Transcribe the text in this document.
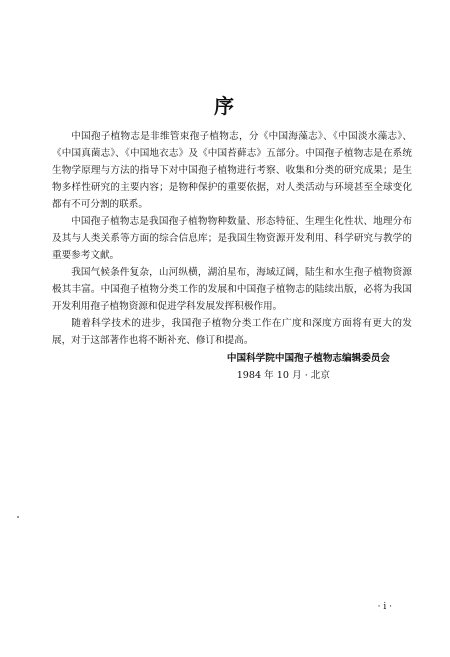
序

中国孢子植物志是非维管束孢子植物志，分《中国海藻志》、《中国淡水藻志》、《中国真菌志》、《中国地衣志》及《中国苔藓志》五部分。中国孢子植物志是在系统生物学原理与方法的指导下对中国孢子植物进行考察、收集和分类的研究成果；是生物多样性研究的主要内容；是物种保护的重要依据，对人类活动与环境甚至全球变化都有不可分割的联系。

中国孢子植物志是我国孢子植物物种数量、形态特征、生理生化性状、地理分布及其与人类关系等方面的综合信息库；是我国生物资源开发利用、科学研究与教学的重要参考文献。

我国气候条件复杂，山河纵横，湖泊星布，海域辽阔，陆生和水生孢子植物资源极其丰富。中国孢子植物分类工作的发展和中国孢子植物志的陆续出版，必将为我国开发利用孢子植物资源和促进学科发展发挥积极作用。

随着科学技术的进步，我国孢子植物分类工作在广度和深度方面将有更大的发展，对于这部著作也将不断补充、修订和提高。

中国科学院中国孢子植物志编辑委员会
1984 年 10 月 · 北京
· i ·
